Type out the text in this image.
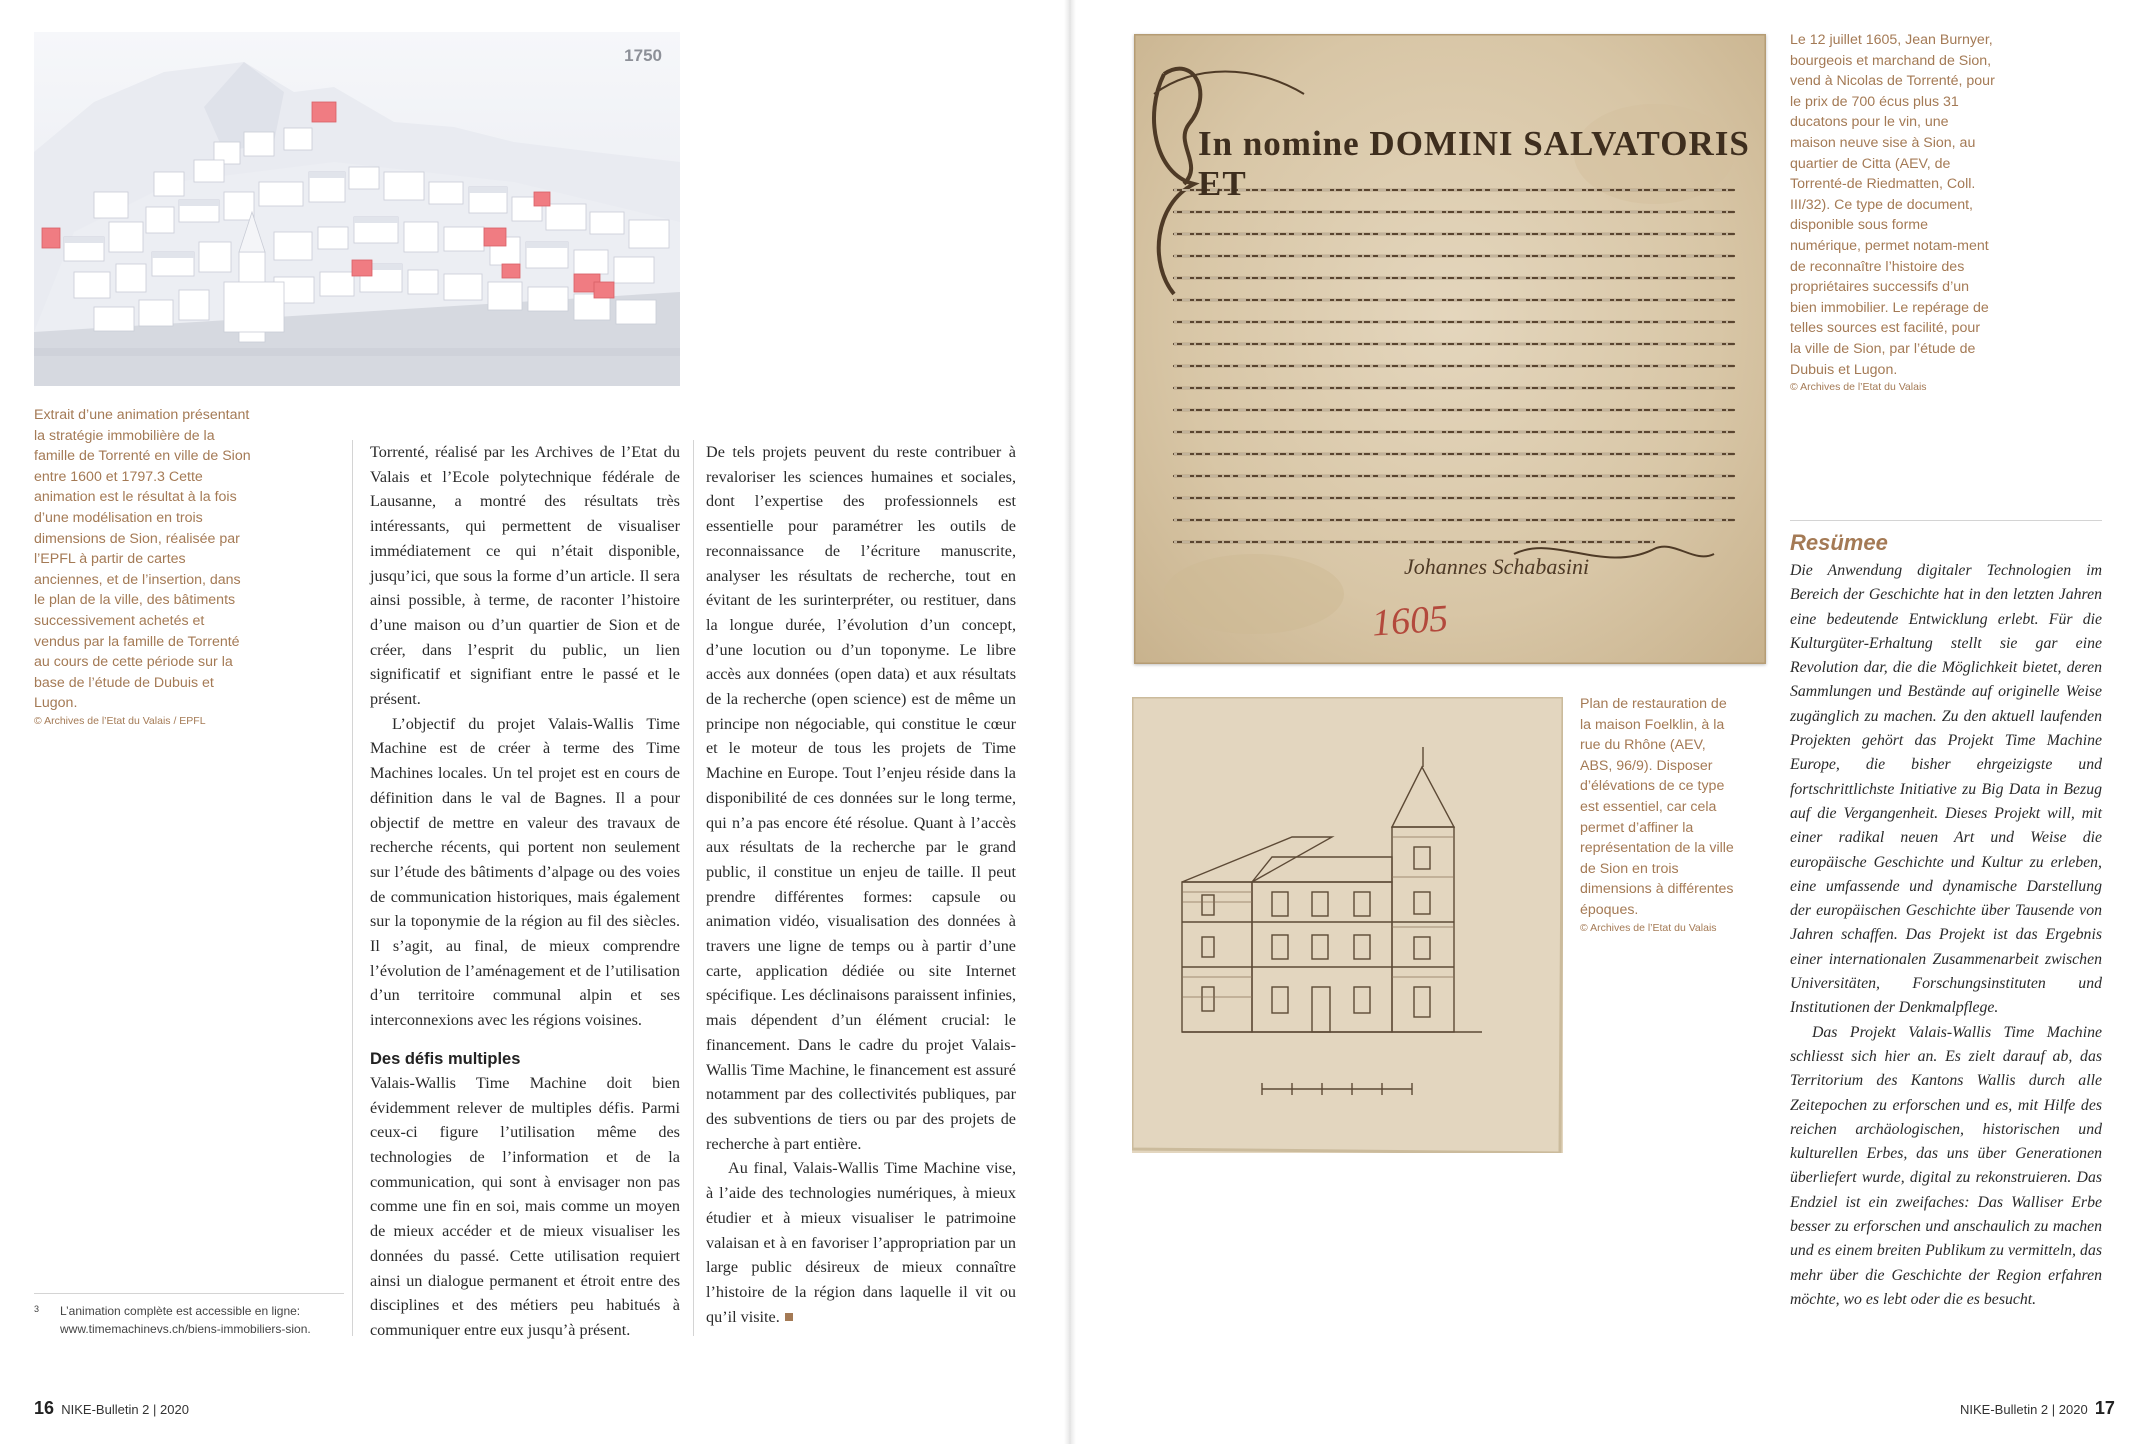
1750
Extrait d’une animation présentant la stratégie immobilière de la famille de Torrenté en ville de Sion entre 1600 et 1797.3 Cette animation est le résultat à la fois d’une modélisation en trois dimensions de Sion, réalisée par l’EPFL à partir de cartes anciennes, et de l’insertion, dans le plan de la ville, des bâtiments successivement achetés et vendus par la famille de Torrenté au cours de cette période sur la base de l’étude de Dubuis et Lugon.
© Archives de l’Etat du Valais / EPFL

Torrenté, réalisé par les Archives de l’Etat du Valais et l’Ecole polytechnique fédérale de Lausanne, a montré des résultats très intéressants, qui permettent de visualiser immédiatement ce qui n’était disponible, jusqu’ici, que sous la forme d’un article. Il sera ainsi possible, à terme, de raconter l’histoire d’une maison ou d’un quartier de Sion et de créer, dans l’esprit du public, un lien significatif et signifiant entre le passé et le présent.

L’objectif du projet Valais-Wallis Time Machine est de créer à terme des Time Machines locales. Un tel projet est en cours de définition dans le val de Bagnes. Il a pour objectif de mettre en valeur des travaux de recherche récents, qui portent non seulement sur l’étude des bâtiments d’alpage ou des voies de communication historiques, mais également sur la toponymie de la région au fil des siècles. Il s’agit, au final, de mieux comprendre l’évolution de l’aménagement et de l’utilisation d’un territoire communal alpin et ses interconnexions avec les régions voisines.

Des défis multiples

Valais-Wallis Time Machine doit bien évidemment relever de multiples défis. Parmi ceux-ci figure l’utilisation même des technologies de l’information et de la communication, qui sont à envisager non pas comme une fin en soi, mais comme un moyen de mieux accéder et de mieux visualiser les données du passé. Cette utilisation requiert ainsi un dialogue permanent et étroit entre des disciplines et des métiers peu habitués à communiquer entre eux jusqu’à présent.

De tels projets peuvent du reste contribuer à revaloriser les sciences humaines et sociales, dont l’expertise des professionnels est essentielle pour paramétrer les outils de reconnaissance de l’écriture manuscrite, analyser les résultats de recherche, tout en évitant de les surinterpréter, ou restituer, dans la longue durée, l’évolution d’un concept, d’une locution ou d’un toponyme. Le libre accès aux données (open data) et aux résultats de la recherche (open science) est de même un principe non négociable, qui constitue le cœur et le moteur de tous les projets de Time Machine en Europe. Tout l’enjeu réside dans la disponibilité de ces données sur le long terme, qui n’a pas encore été résolue. Quant à l’accès aux résultats de la recherche par le grand public, il constitue un enjeu de taille. Il peut prendre différentes formes: capsule ou animation vidéo, visualisation des données à travers une ligne de temps ou à partir d’une carte, application dédiée ou site Internet spécifique. Les déclinaisons paraissent infinies, mais dépendent d’un élément crucial: le financement. Dans le cadre du projet Valais-Wallis Time Machine, le financement est assuré notamment par des collectivités publiques, par des subventions de tiers ou par des projets de recherche à part entière.

Au final, Valais-Wallis Time Machine vise, à l’aide des technologies numériques, à mieux étudier et à mieux visualiser le patrimoine valaisan et à en favoriser l’appropriation par un large public désireux de mieux connaître l’histoire de la région dans laquelle il vit ou qu’il visite.

3 L’animation complète est accessible en ligne: www.timemachinevs.ch/biens-immobiliers-sion.
16 NIKE-Bulletin 2 | 2020
In nomine DOMINI SALVATORIS ET
Johannes Schabasini
1605
Le 12 juillet 1605, Jean Burnyer, bourgeois et marchand de Sion, vend à Nicolas de Torrenté, pour le prix de 700 écus plus 31 ducatons pour le vin, une maison neuve sise à Sion, au quartier de Citta (AEV, de Torrenté-de Riedmatten, Coll. III/32). Ce type de document, disponible sous forme numérique, permet notam-ment de reconnaître l’histoire des propriétaires successifs d’un bien immobilier. Le repérage de telles sources est facilité, pour la ville de Sion, par l’étude de Dubuis et Lugon.
© Archives de l’Etat du Valais
Resümee

Die Anwendung digitaler Technologien im Bereich der Geschichte hat in den letzten Jahren eine bedeutende Entwicklung erlebt. Für die Kulturgüter-Erhaltung stellt sie gar eine Revolution dar, die die Möglichkeit bietet, deren Sammlungen und Bestände auf originelle Weise zugänglich zu machen. Zu den aktuell laufenden Projekten gehört das Projekt Time Machine Europe, die bisher ehrgeizigste und fortschrittlichste Initiative zu Big Data in Bezug auf die Vergangenheit. Dieses Projekt will, mit einer radikal neuen Art und Weise die europäische Geschichte und Kultur zu erleben, eine umfassende und dynamische Darstellung der europäischen Geschichte über Tausende von Jahren schaffen. Das Projekt ist das Ergebnis einer internationalen Zusammenarbeit zwischen Universitäten, Forschungsinstituten und Institutionen der Denkmalpflege.

Das Projekt Valais-Wallis Time Machine schliesst sich hier an. Es zielt darauf ab, das Territorium des Kantons Wallis durch alle Zeitepochen zu erforschen und es, mit Hilfe des reichen archäologischen, historischen und kulturellen Erbes, das uns über Generationen überliefert wurde, digital zu rekonstruieren. Das Endziel ist ein zweifaches: Das Walliser Erbe besser zu erforschen und anschaulich zu machen und es einem breiten Publikum zu vermitteln, das mehr über die Geschichte der Region erfahren möchte, wo es lebt oder die es besucht.

Plan de restauration de la maison Foelklin, à la rue du Rhône (AEV, ABS, 96/9). Disposer d’élévations de ce type est essentiel, car cela permet d’affiner la représentation de la ville de Sion en trois dimensions à différentes époques.
© Archives de l’Etat du Valais
NIKE-Bulletin 2 | 2020 17
